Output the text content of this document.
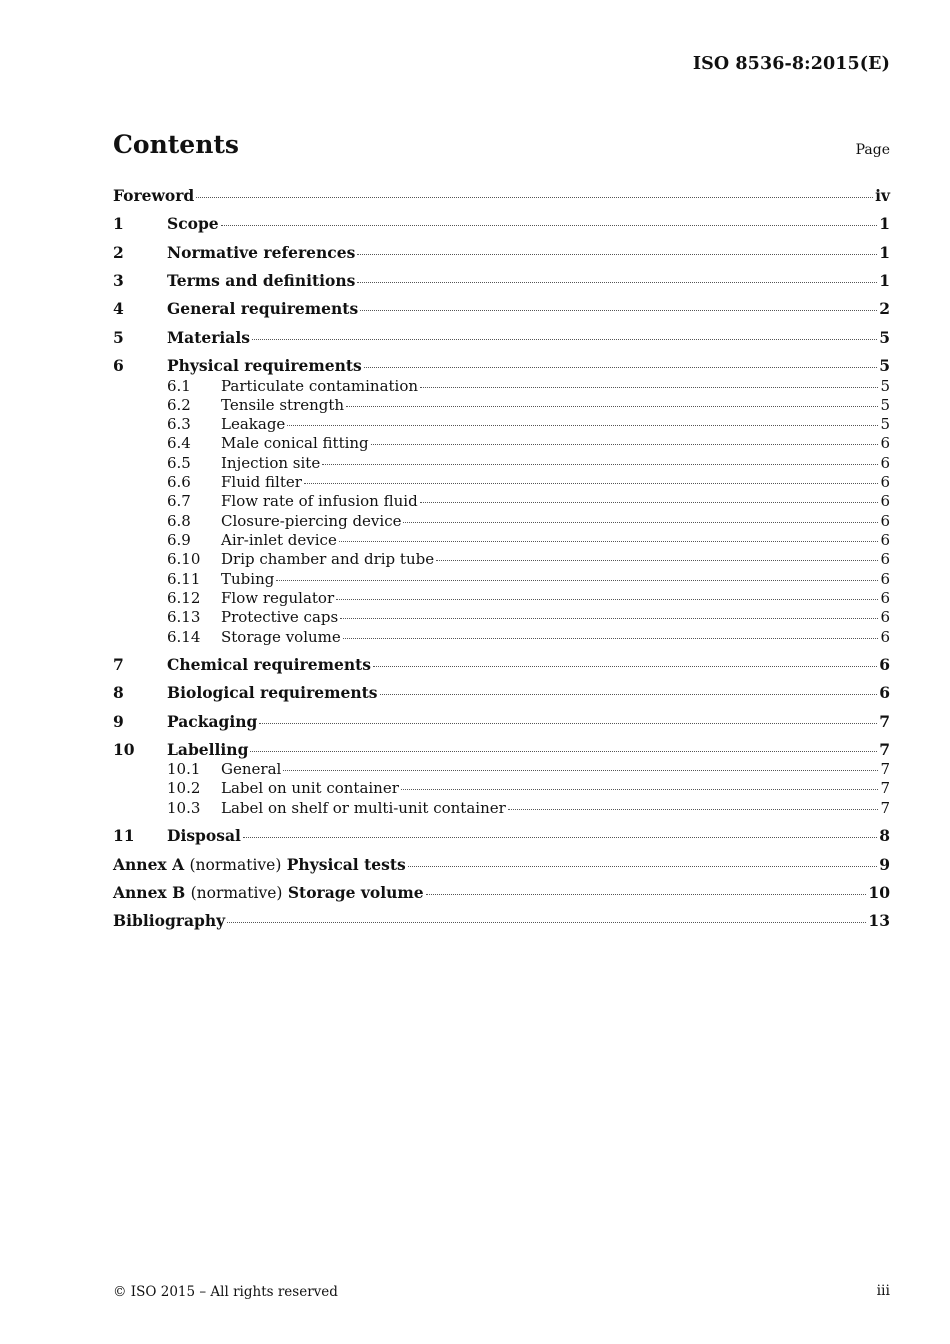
ISO 8536-8:2015(E)
Contents	Page
Foreword	iv
1	Scope	1
2	Normative references	1
3	Terms and definitions	1
4	General requirements	2
5	Materials	5
6	Physical requirements	5
6.1	Particulate contamination	5
6.2	Tensile strength	5
6.3	Leakage	5
6.4	Male conical fitting	6
6.5	Injection site	6
6.6	Fluid filter	6
6.7	Flow rate of infusion fluid	6
6.8	Closure-piercing device	6
6.9	Air-inlet device	6
6.10	Drip chamber and drip tube	6
6.11	Tubing	6
6.12	Flow regulator	6
6.13	Protective caps	6
6.14	Storage volume	6
7	Chemical requirements	6
8	Biological requirements	6
9	Packaging	7
10	Labelling	7
10.1	General	7
10.2	Label on unit container	7
10.3	Label on shelf or multi-unit container	7
11	Disposal	8
Annex A (normative) Physical tests	9
Annex B (normative) Storage volume	10
Bibliography	13
© ISO 2015 – All rights reserved	iii
